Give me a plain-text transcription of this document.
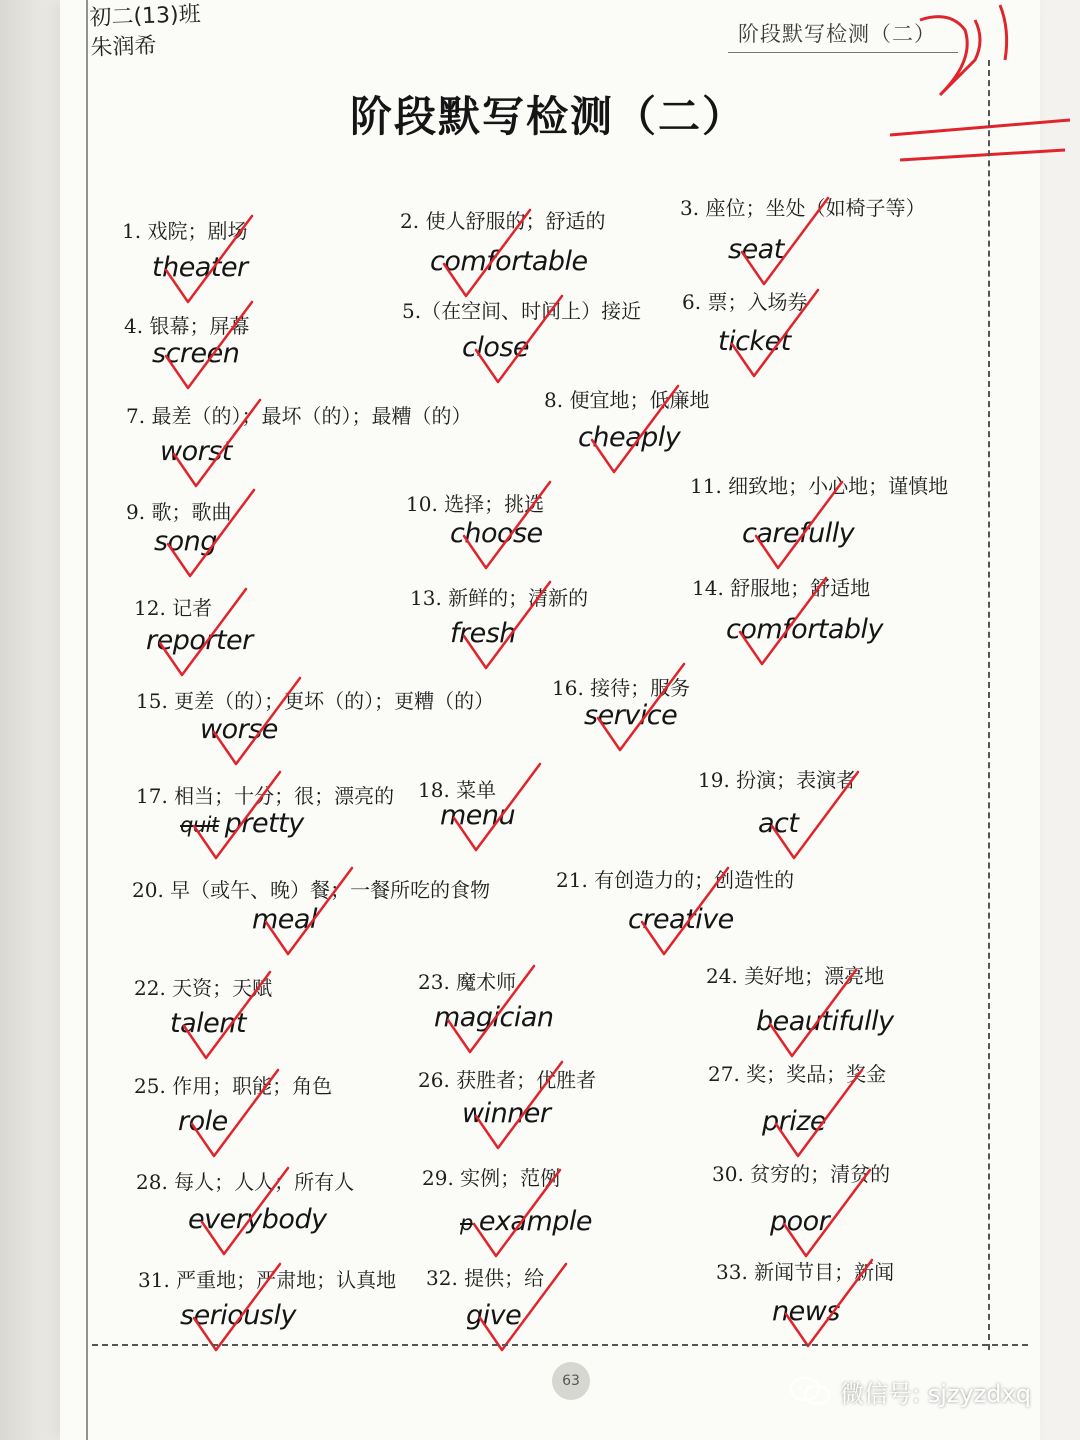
初二(13)班
朱润希	阶段默写检测（二）
阶段默写检测（二）
1. 戏院；剧场
theater
2. 使人舒服的；舒适的
comfortable
3. 座位；坐处（如椅子等）
seat
4. 银幕；屏幕
screen
5.（在空间、时间上）接近
close
6. 票；入场券
ticket
7. 最差（的）；最坏（的）；最糟（的）
worst
8. 便宜地；低廉地
cheaply
9. 歌；歌曲
song
10. 选择；挑选
choose
11. 细致地；小心地；谨慎地
carefully
12. 记者
reporter
13. 新鲜的；清新的
fresh
14. 舒服地；舒适地
comfortably
15. 更差（的）；更坏（的）；更糟（的）
worse
16. 接待；服务
service
17. 相当；十分；很；漂亮的
quit pretty
18. 菜单
menu
19. 扮演；表演者
act
20. 早（或午、晚）餐；一餐所吃的食物
meal
21. 有创造力的；创造性的
creative
22. 天资；天赋
talent
23. 魔术师
magician
24. 美好地；漂亮地
beautifully
25. 作用；职能；角色
role
26. 获胜者；优胜者
winner
27. 奖；奖品；奖金
prize
28. 每人；人人；所有人
everybody
29. 实例；范例
p example
30. 贫穷的；清贫的
poor
31. 严重地；严肃地；认真地
seriously
32. 提供；给
give
33. 新闻节目；新闻
news
63	微信号: sjzyzdxq
